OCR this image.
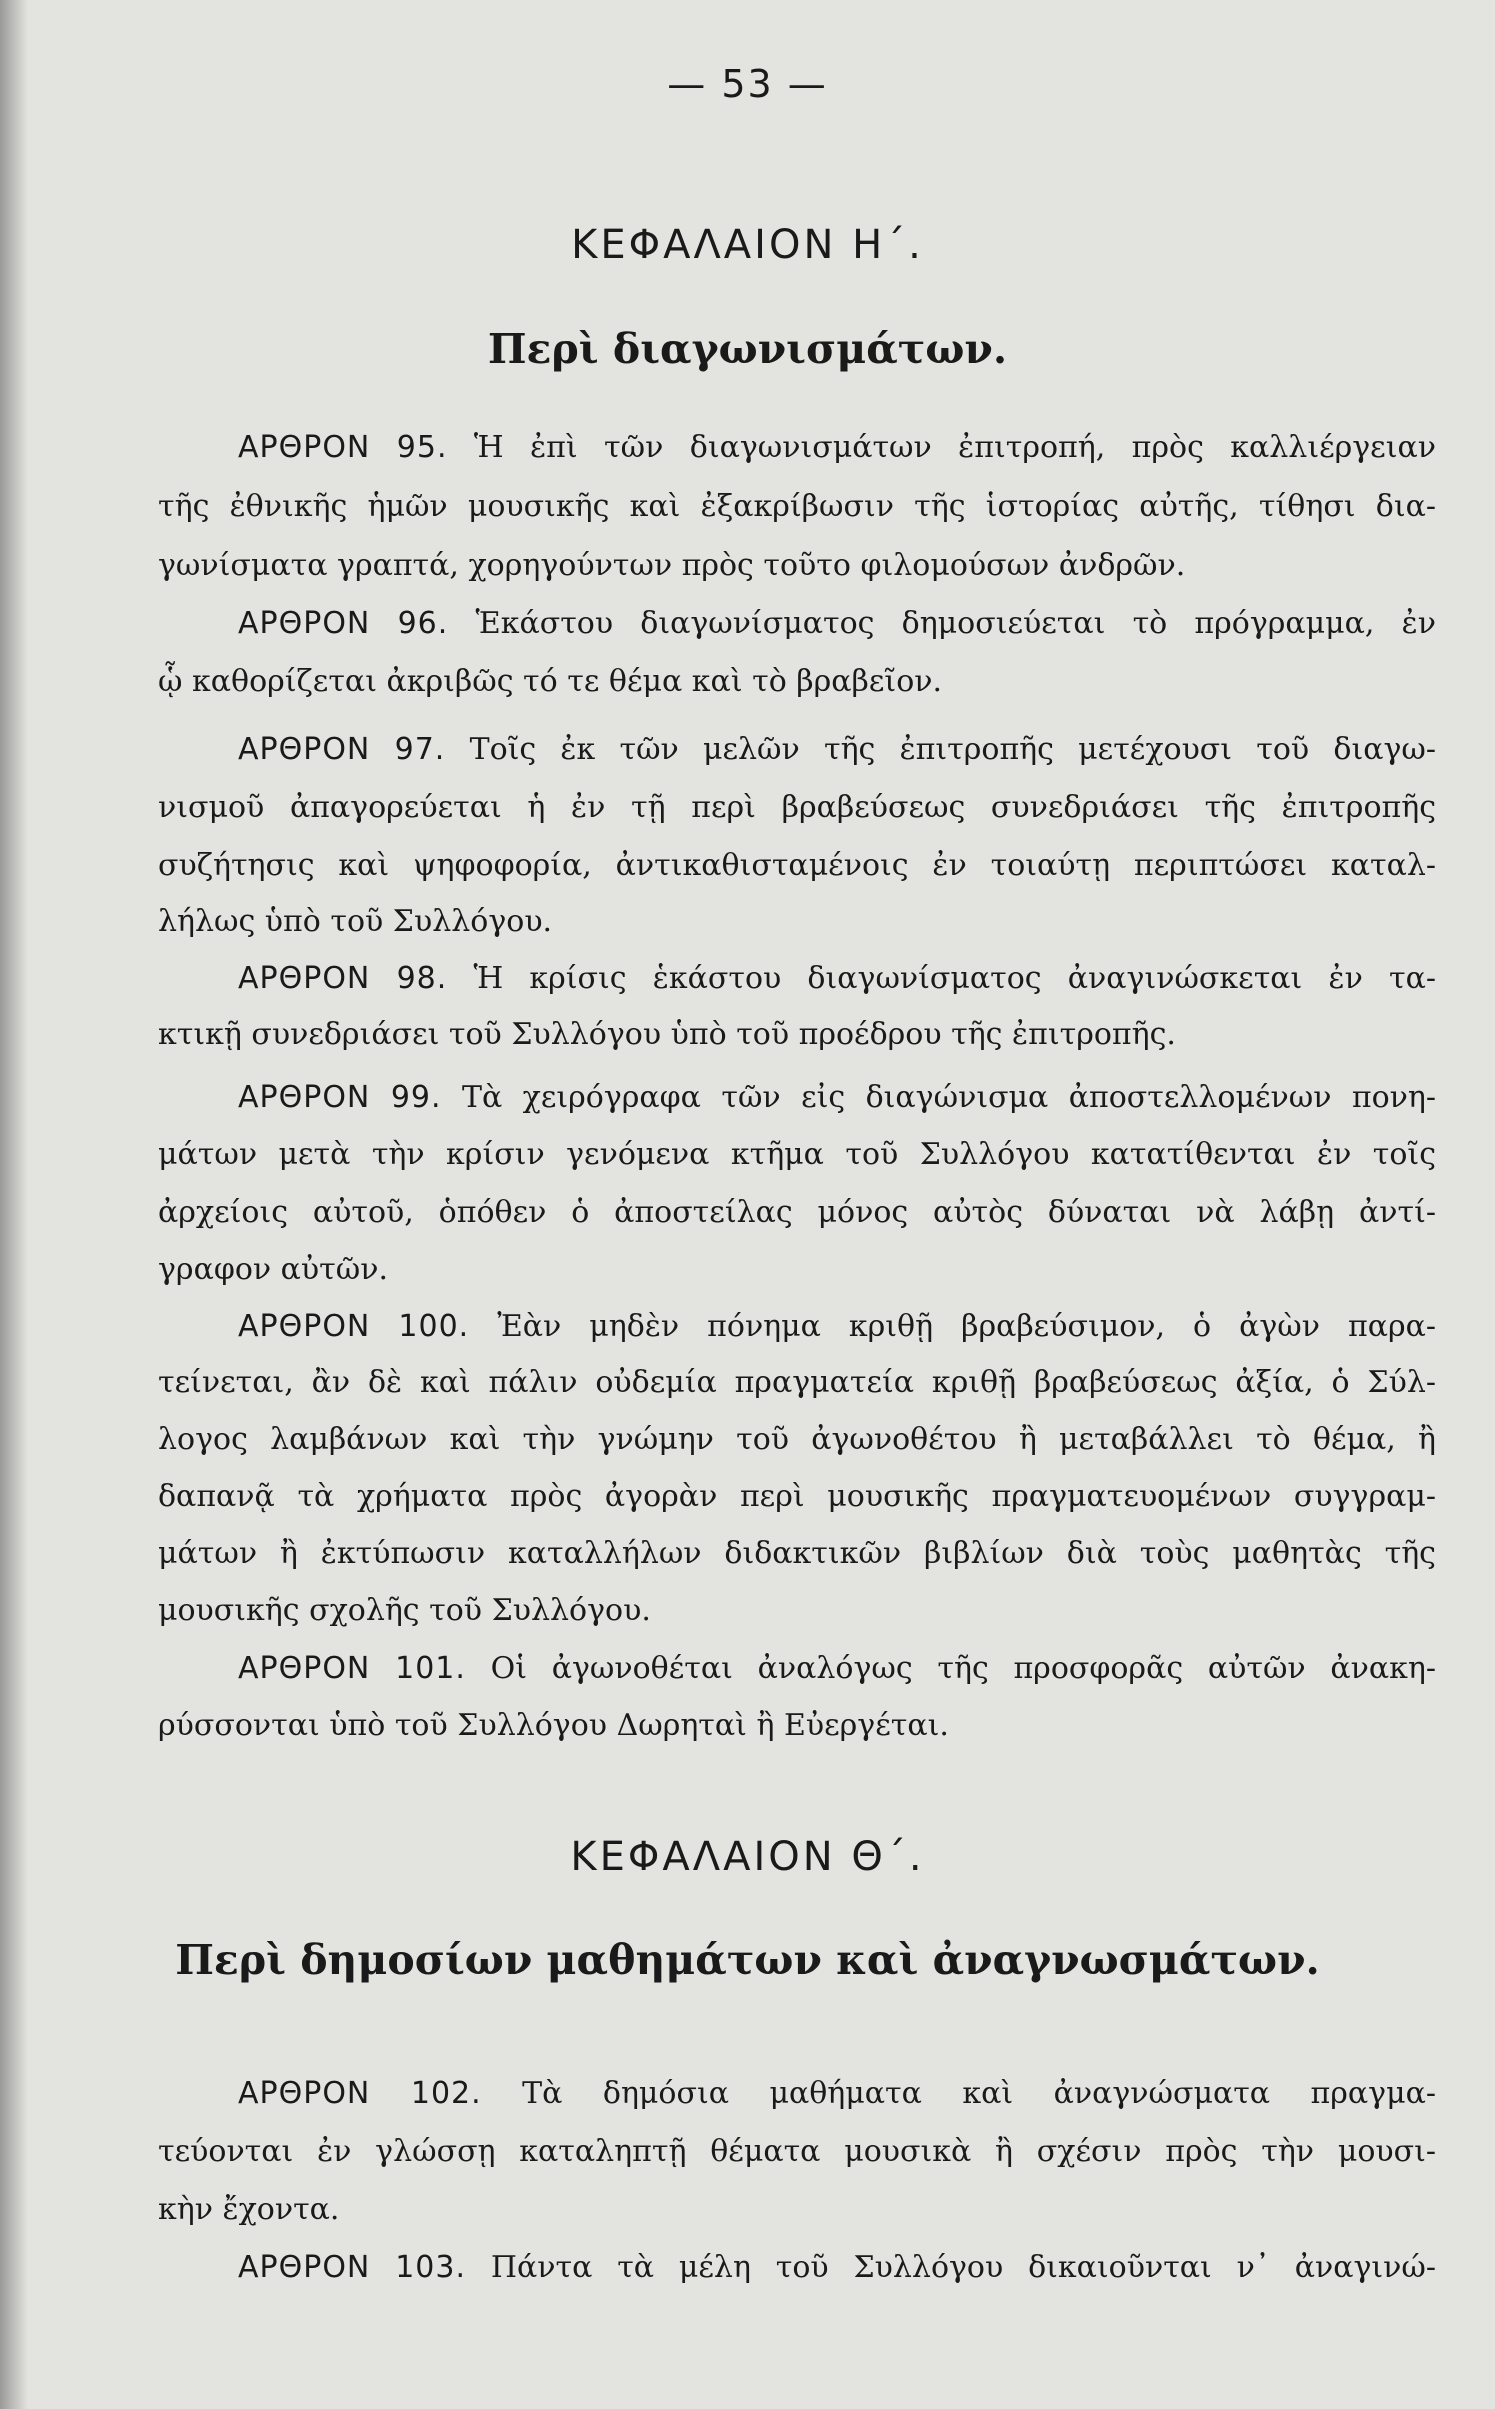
— 53 —
ΚΕΦΑΛΑΙΟΝ Η΄.
Περὶ διαγωνισμάτων.
ΑΡΘΡΟΝ 95. Ἡ ἐπὶ τῶν διαγωνισμάτων ἐπιτροπή, πρὸς καλλιέργειαν
τῆς ἐθνικῆς ἡμῶν μουσικῆς καὶ ἐξακρίβωσιν τῆς ἱστορίας αὐτῆς, τίθησι δια-
γωνίσματα γραπτά, χορηγούντων πρὸς τοῦτο φιλομούσων ἀνδρῶν.
ΑΡΘΡΟΝ 96. Ἑκάστου διαγωνίσματος δημοσιεύεται τὸ πρόγραμμα, ἐν
ᾧ καθορίζεται ἀκριβῶς τό τε θέμα καὶ τὸ βραβεῖον.
ΑΡΘΡΟΝ 97. Τοῖς ἐκ τῶν μελῶν τῆς ἐπιτροπῆς μετέχουσι τοῦ διαγω-
νισμοῦ ἀπαγορεύεται ἡ ἐν τῇ περὶ βραβεύσεως συνεδριάσει τῆς ἐπιτροπῆς
συζήτησις καὶ ψηφοφορία, ἀντικαθισταμένοις ἐν τοιαύτῃ περιπτώσει καταλ-
λήλως ὑπὸ τοῦ Συλλόγου.
ΑΡΘΡΟΝ 98. Ἡ κρίσις ἑκάστου διαγωνίσματος ἀναγινώσκεται ἐν τα-
κτικῇ συνεδριάσει τοῦ Συλλόγου ὑπὸ τοῦ προέδρου τῆς ἐπιτροπῆς.
ΑΡΘΡΟΝ 99. Τὰ χειρόγραφα τῶν εἰς διαγώνισμα ἀποστελλομένων πονη-
μάτων μετὰ τὴν κρίσιν γενόμενα κτῆμα τοῦ Συλλόγου κατατίθενται ἐν τοῖς
ἀρχείοις αὐτοῦ, ὁπόθεν ὁ ἀποστείλας μόνος αὐτὸς δύναται νὰ λάβῃ ἀντί-
γραφον αὐτῶν.
ΑΡΘΡΟΝ 100. Ἐὰν μηδὲν πόνημα κριθῇ βραβεύσιμον, ὁ ἀγὼν παρα-
τείνεται, ἂν δὲ καὶ πάλιν οὐδεμία πραγματεία κριθῇ βραβεύσεως ἀξία, ὁ Σύλ-
λογος λαμβάνων καὶ τὴν γνώμην τοῦ ἀγωνοθέτου ἢ μεταβάλλει τὸ θέμα, ἢ
δαπανᾷ τὰ χρήματα πρὸς ἀγορὰν περὶ μουσικῆς πραγματευομένων συγγραμ-
μάτων ἢ ἐκτύπωσιν καταλλήλων διδακτικῶν βιβλίων διὰ τοὺς μαθητὰς τῆς
μουσικῆς σχολῆς τοῦ Συλλόγου.
ΑΡΘΡΟΝ 101. Οἱ ἀγωνοθέται ἀναλόγως τῆς προσφορᾶς αὐτῶν ἀνακη-
ρύσσονται ὑπὸ τοῦ Συλλόγου Δωρηταὶ ἢ Εὐεργέται.
ΚΕΦΑΛΑΙΟΝ Θ΄.
Περὶ δημοσίων μαθημάτων καὶ ἀναγνωσμάτων.
ΑΡΘΡΟΝ 102. Τὰ δημόσια μαθήματα καὶ ἀναγνώσματα πραγμα-
τεύονται ἐν γλώσσῃ καταληπτῇ θέματα μουσικὰ ἢ σχέσιν πρὸς τὴν μουσι-
κὴν ἔχοντα.
ΑΡΘΡΟΝ 103. Πάντα τὰ μέλη τοῦ Συλλόγου δικαιοῦνται ν᾽ ἀναγινώ-
